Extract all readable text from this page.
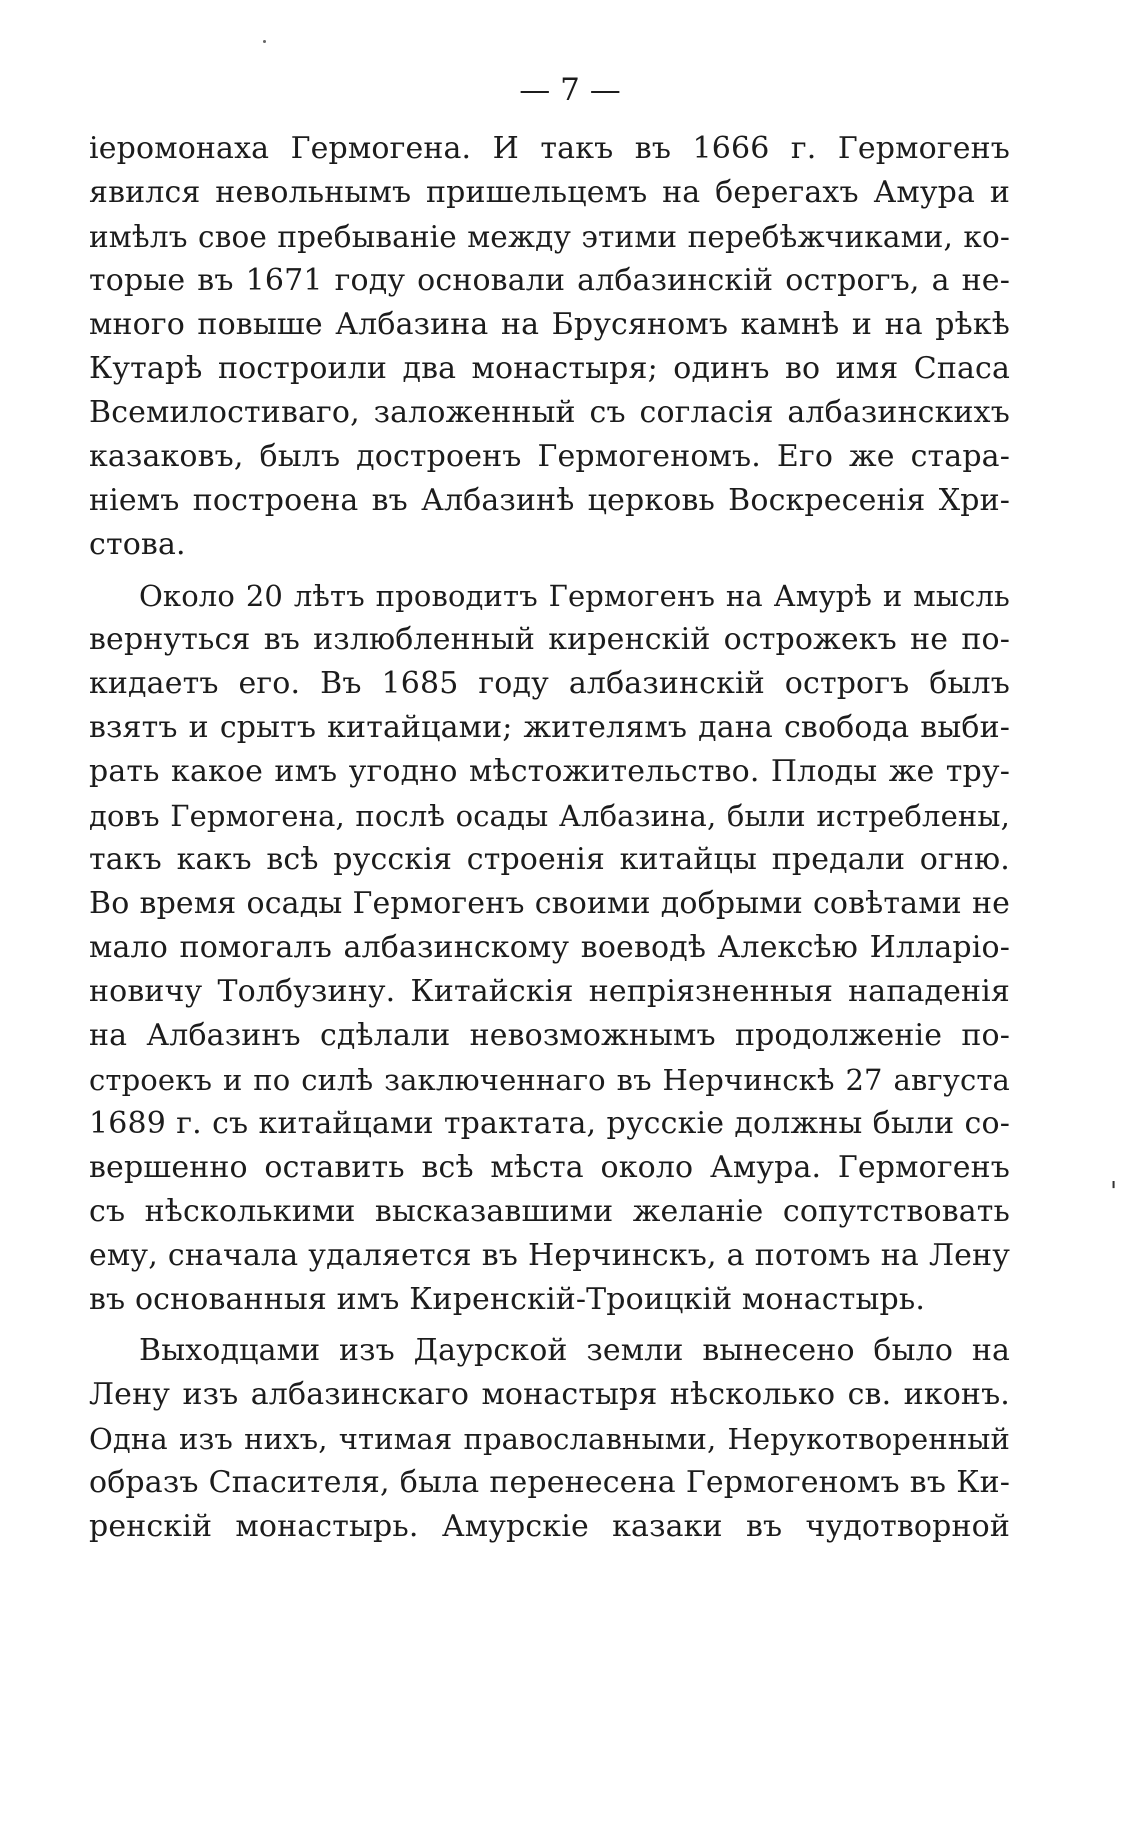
— 7 —
іеромонаха Гермогена. И такъ въ 1666 г. Гермогенъ
явился невольнымъ пришельцемъ на берегахъ Амура и
имѣлъ свое пребываніе между этими перебѣжчиками, ко-
торые въ 1671 году основали албазинскій острогъ, а не-
много повыше Албазина на Брусяномъ камнѣ и на рѣкѣ
Кутарѣ построили два монастыря; одинъ во имя Спаса
Всемилостиваго, заложенный съ согласія албазинскихъ
казаковъ, былъ достроенъ Гермогеномъ. Его же стара-
ніемъ построена въ Албазинѣ церковь Воскресенія Хри-
стова.
Около 20 лѣтъ проводитъ Гермогенъ на Амурѣ и мысль
вернуться въ излюбленный киренскій острожекъ не по-
кидаетъ его. Въ 1685 году албазинскій острогъ былъ
взятъ и срытъ китайцами; жителямъ дана свобода выби-
рать какое имъ угодно мѣстожительство. Плоды же тру-
довъ Гермогена, послѣ осады Албазина, были истреблены,
такъ какъ всѣ русскія строенія китайцы предали огню.
Во время осады Гермогенъ своими добрыми совѣтами не
мало помогалъ албазинскому воеводѣ Алексѣю Илларіо-
новичу Толбузину. Китайскія непріязненныя нападенія
на Албазинъ сдѣлали невозможнымъ продолженіе по-
строекъ и по силѣ заключеннаго въ Нерчинскѣ 27 августа
1689 г. съ китайцами трактата, русскіе должны были со-
вершенно оставить всѣ мѣста около Амура. Гермогенъ
съ нѣсколькими высказавшими желаніе сопутствовать
ему, сначала удаляется въ Нерчинскъ, а потомъ на Лену
въ основанныя имъ Киренскій-Троицкій монастырь.
Выходцами изъ Даурской земли вынесено было на
Лену изъ албазинскаго монастыря нѣсколько св. иконъ.
Одна изъ нихъ, чтимая православными, Нерукотворенный
образъ Спасителя, была перенесена Гермогеномъ въ Ки-
ренскій монастырь. Амурскіе казаки въ чудотворной
'
